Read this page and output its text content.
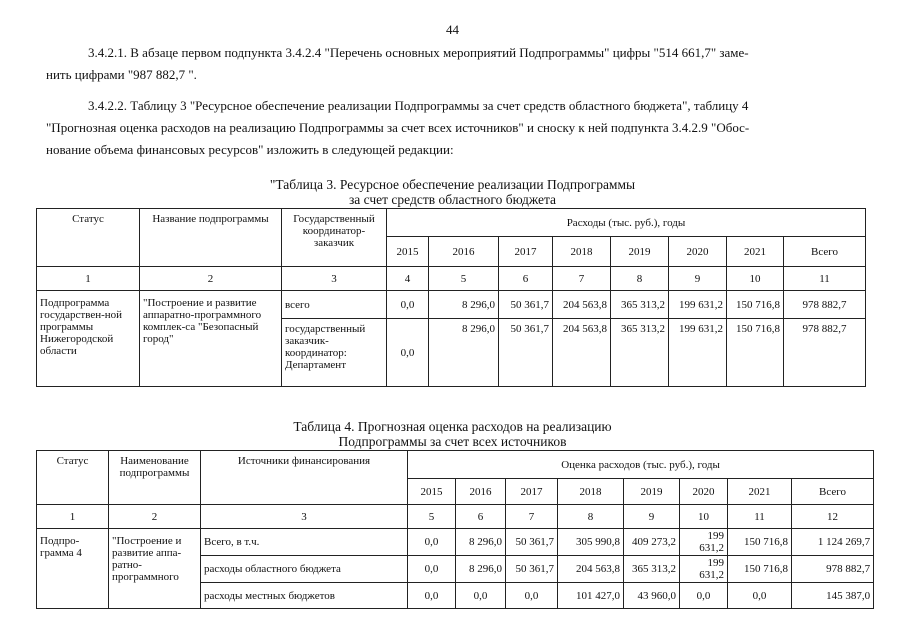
44
3.4.2.1. В абзаце первом подпункта 3.4.2.4 "Перечень основных мероприятий Подпрограммы" цифры "514 661,7" заме-
нить цифрами "987 882,7 ".
3.4.2.2. Таблицу 3 "Ресурсное обеспечение реализации Подпрограммы за счет средств областного бюджета", таблицу 4
"Прогнозная оценка расходов на реализацию Подпрограммы за счет всех источников" и сноску к ней подпункта 3.4.2.9 "Обос-
нование объема финансовых ресурсов" изложить в следующей редакции:
"Таблица 3. Ресурсное обеспечение реализации Подпрограммы
за счет средств областного бюджета
Статус	Название подпрограммы	Государственный координатор-заказчик	Расходы (тыс. руб.), годы							
			2015	2016	2017	2018	2019	2020	2021	Всего
1	2	3	4	5	6	7	8	9	10	11
Подпрограмма государствен-ной программы Нижегородской области	"Построение и развитие аппаратно-программного комплек-са "Безопасный город"	всего	0,0	8 296,0	50 361,7	204 563,8	365 313,2	199 631,2	150 716,8	978 882,7
		государственный заказчик-координатор: Департамент	0,0	8 296,0	50 361,7	204 563,8	365 313,2	199 631,2	150 716,8	978 882,7
Таблица 4. Прогнозная оценка расходов на реализацию
Подпрограммы за счет всех источников
Статус	Наименование подпрограммы	Источники финансирования	Оценка расходов (тыс. руб.), годы							
			2015	2016	2017	2018	2019	2020	2021	Всего
1	2	3	5	6	7	8	9	10	11	12
Подпро-грамма 4	"Построение и развитие аппа-ратно-программного	Всего, в т.ч.	0,0	8 296,0	50 361,7	305 990,8	409 273,2	199 631,2	150 716,8	1 124 269,7
		расходы областного бюджета	0,0	8 296,0	50 361,7	204 563,8	365 313,2	199 631,2	150 716,8	978 882,7
		расходы местных бюджетов	0,0	0,0	0,0	101 427,0	43 960,0	0,0	0,0	145 387,0
